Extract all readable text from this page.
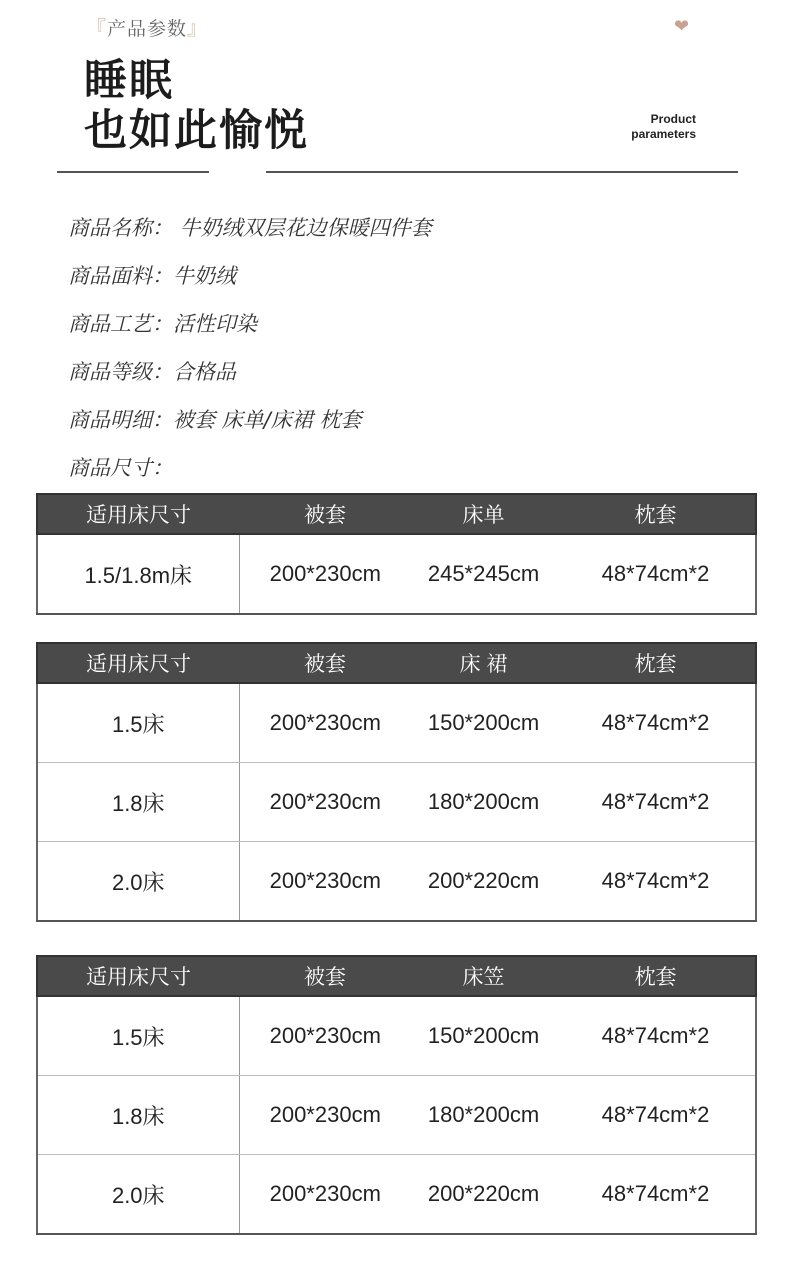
『产品参数』	❤
睡眠
也如此愉悦	Product
parameters
商品名称： 牛奶绒双层花边保暖四件套
商品面料：牛奶绒
商品工艺：活性印染
商品等级：合格品
商品明细：被套 床单/床裙 枕套
商品尺寸：
适用床尺寸	被套	床单	枕套
1.5/1.8m床	200*230cm	245*245cm	48*74cm*2
适用床尺寸	被套	床 裙	枕套
1.5床	200*230cm	150*200cm	48*74cm*2
1.8床	200*230cm	180*200cm	48*74cm*2
2.0床	200*230cm	200*220cm	48*74cm*2
适用床尺寸	被套	床笠	枕套
1.5床	200*230cm	150*200cm	48*74cm*2
1.8床	200*230cm	180*200cm	48*74cm*2
2.0床	200*230cm	200*220cm	48*74cm*2
